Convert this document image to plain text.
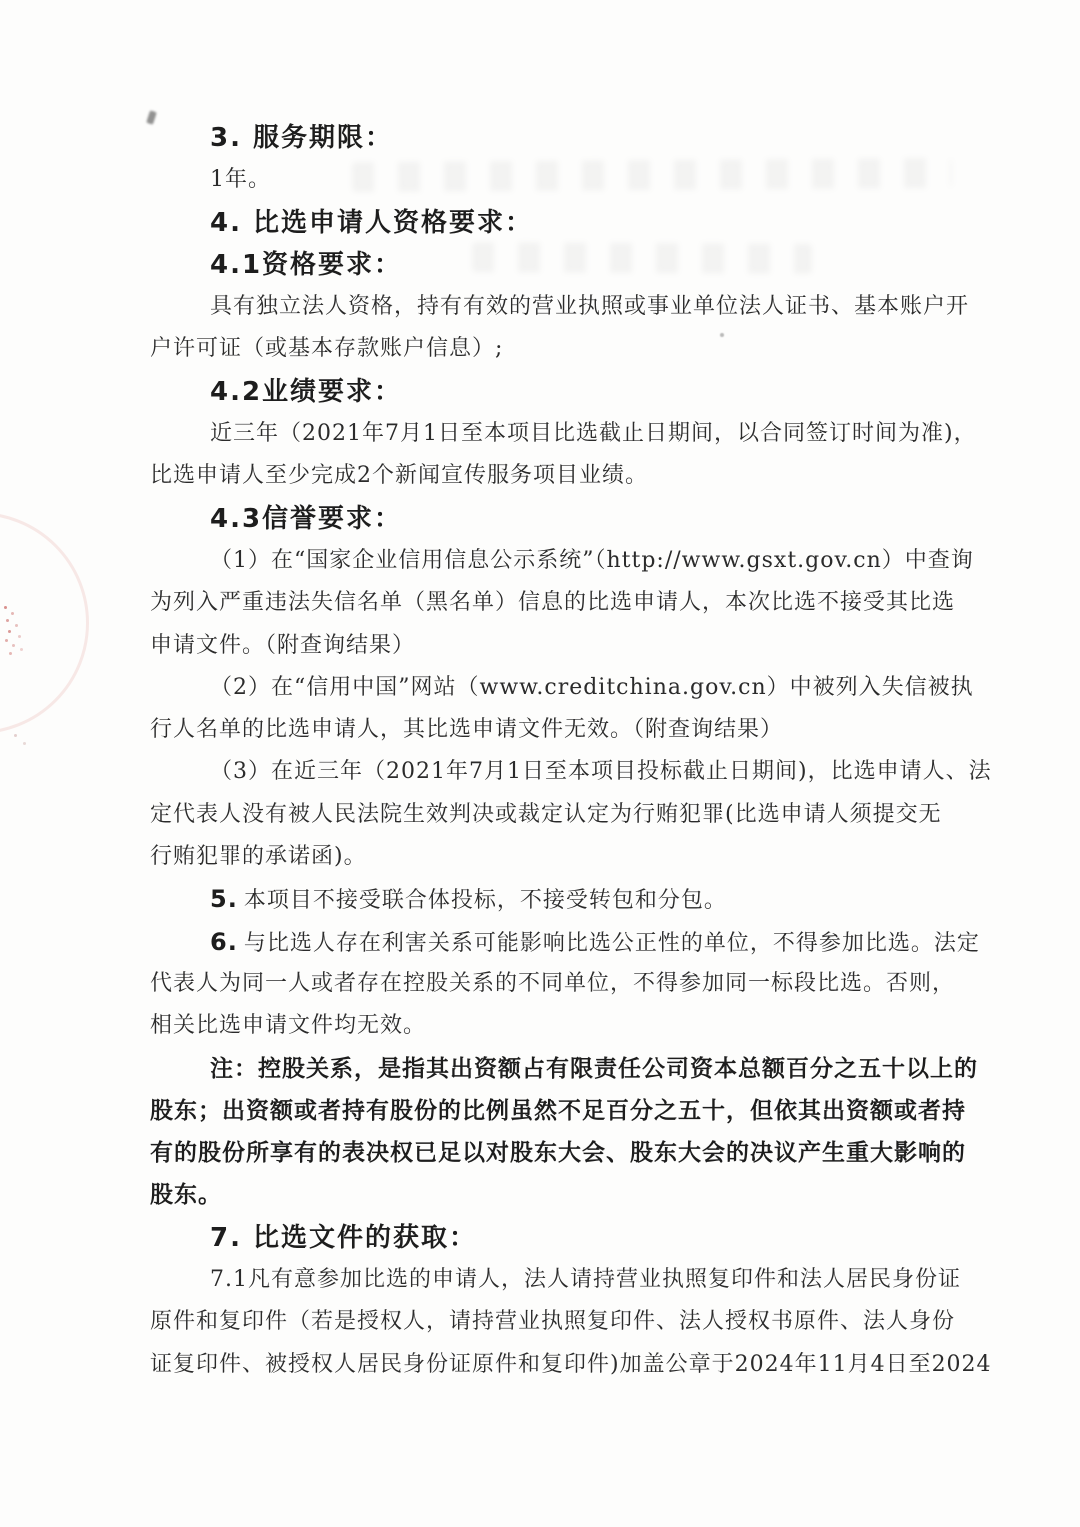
3. 服务期限：
1年。
4. 比选申请人资格要求：
4.1资格要求：
具有独立法人资格，持有有效的营业执照或事业单位法人证书、基本账户开
户许可证（或基本存款账户信息）;
4.2业绩要求：
近三年（2021年7月1日至本项目比选截止日期间，以合同签订时间为准)，
比选申请人至少完成2个新闻宣传服务项目业绩。
4.3信誉要求：
（1）在“国家企业信用信息公示系统”（http://www.gsxt.gov.cn）中查询
为列入严重违法失信名单（黑名单）信息的比选申请人，本次比选不接受其比选
申请文件。（附查询结果）
（2）在“信用中国”网站（www.creditchina.gov.cn）中被列入失信被执
行人名单的比选申请人，其比选申请文件无效。（附查询结果）
（3）在近三年（2021年7月1日至本项目投标截止日期间)，比选申请人、法
定代表人没有被人民法院生效判决或裁定认定为行贿犯罪(比选申请人须提交无
行贿犯罪的承诺函)。
5. 本项目不接受联合体投标，不接受转包和分包。
6. 与比选人存在利害关系可能影响比选公正性的单位，不得参加比选。法定
代表人为同一人或者存在控股关系的不同单位，不得参加同一标段比选。否则，
相关比选申请文件均无效。
注：控股关系，是指其出资额占有限责任公司资本总额百分之五十以上的
股东；出资额或者持有股份的比例虽然不足百分之五十，但依其出资额或者持
有的股份所享有的表决权已足以对股东大会、股东大会的决议产生重大影响的
股东。
7. 比选文件的获取：
7.1凡有意参加比选的申请人，法人请持营业执照复印件和法人居民身份证
原件和复印件（若是授权人，请持营业执照复印件、法人授权书原件、法人身份
证复印件、被授权人居民身份证原件和复印件)加盖公章于2024年11月4日至2024
